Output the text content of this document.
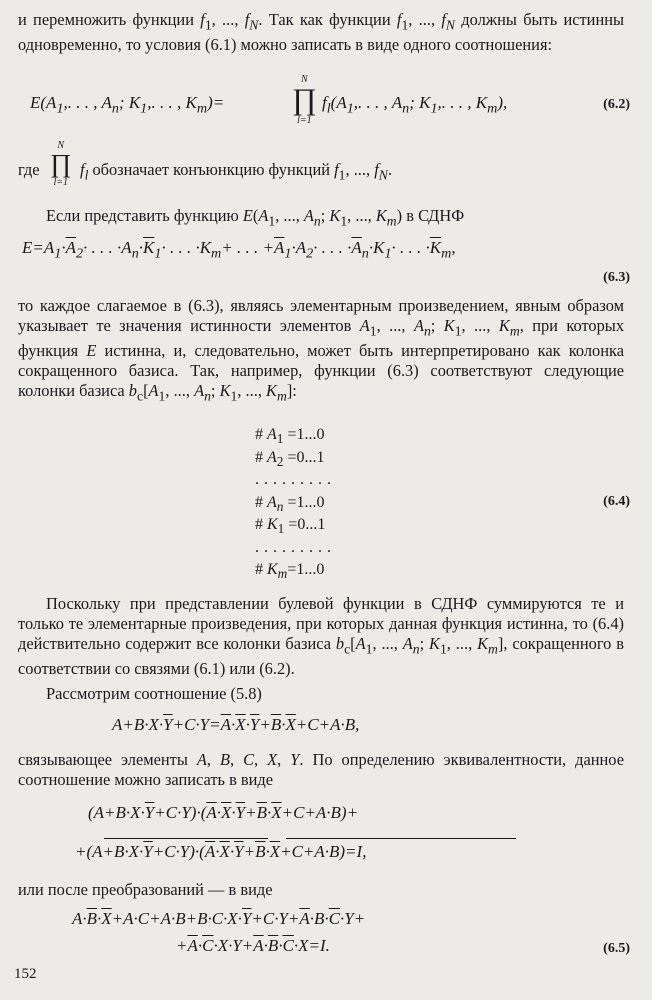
и перемножить функции $f_1$, ..., $f_N$. Так как функции $f_1$, ..., $f_N$ должны быть истинны одновременно, то условия (6.1) можно записать в виде одного соотношения:
$E(A_1$,. . . , $A_n$; $K_1$,. . . , $K_m)=$
N
∏
l=1
$f_l(A_1$,. . . , $A_n$; $K_1$,. . . , $K_m$),	(6.2)
где
N
∏
l=1
$f_l$ обозначает конъюнкцию функций $f_1$, ..., $f_N$.
Если представить функцию $E(A_1$, ..., $A_n$; $K_1$, ..., $K_m$) в СДНФ
$E=A_1\cdot\overline{A}_2\cdot$ . . . $\cdot A_n\cdot\overline{K}_1\cdot$ . . . $\cdot K_m+$ . . . $+\overline{A}_1\cdot A_2\cdot$ . . . $\cdot\overline{A}_n\cdot K_1\cdot$ . . . $\cdot\overline{K}_m$,
(6.3)
то каждое слагаемое в (6.3), являясь элементарным произведением, явным образом указывает те значения истинности элементов $A_1$, ..., $A_n$; $K_1$, ..., $K_m$, при которых функция E истинна, и, следовательно, может быть интерпретировано как колонка сокращенного базиса. Так, например, функции (6.3) соответствуют следующие колонки базиса $b_c[A_1$, ..., $A_n$; $K_1$, ..., $K_m$]:
# $A_1 =1...0$
# $A_2 =0...1$
.........
# $A_n =1...0$
# $K_1 =0...1$
.........
# $K_m=1...0$
(6.4)
Поскольку при представлении булевой функции в СДНФ суммируются те и только те элементарные произведения, при которых данная функция истинна, то (6.4) действительно содержит все колонки базиса $b_c[A_1$, ..., $A_n$; $K_1$, ..., $K_m$], сокращенного в соответствии со связями (6.1) или (6.2).
Рассмотрим соотношение (5.8)
$A+B\cdot X\cdot\overline{Y}+C\cdot Y=\overline{A}\cdot\overline{X}\cdot\overline{Y}+\overline{B}\cdot\overline{X}+C+A\cdot B$,
связывающее элементы A, B, C, X, Y. По определению эквивалентности, данное соотношение можно записать в виде
$(A+B\cdot X\cdot\overline{Y}+C\cdot Y)\cdot(\overline{A}\cdot\overline{X}\cdot\overline{Y}+\overline{B}\cdot\overline{X}+C+A\cdot B)+$
$+(A+B\cdot X\cdot\overline{Y}+C\cdot Y)\cdot(\overline{A}\cdot\overline{X}\cdot\overline{Y}+\overline{B}\cdot\overline{X}+C+A\cdot B)=I$,
или после преобразований — в виде
$A\cdot\overline{B}\cdot\overline{X}+A\cdot C+A\cdot B+B\cdot C\cdot X\cdot\overline{Y}+C\cdot Y+\overline{A}\cdot B\cdot\overline{C}\cdot Y+$
$+\overline{A}\cdot\overline{C}\cdot X\cdot Y+\overline{A}\cdot\overline{B}\cdot\overline{C}\cdot X=I$.	(6.5)
152
